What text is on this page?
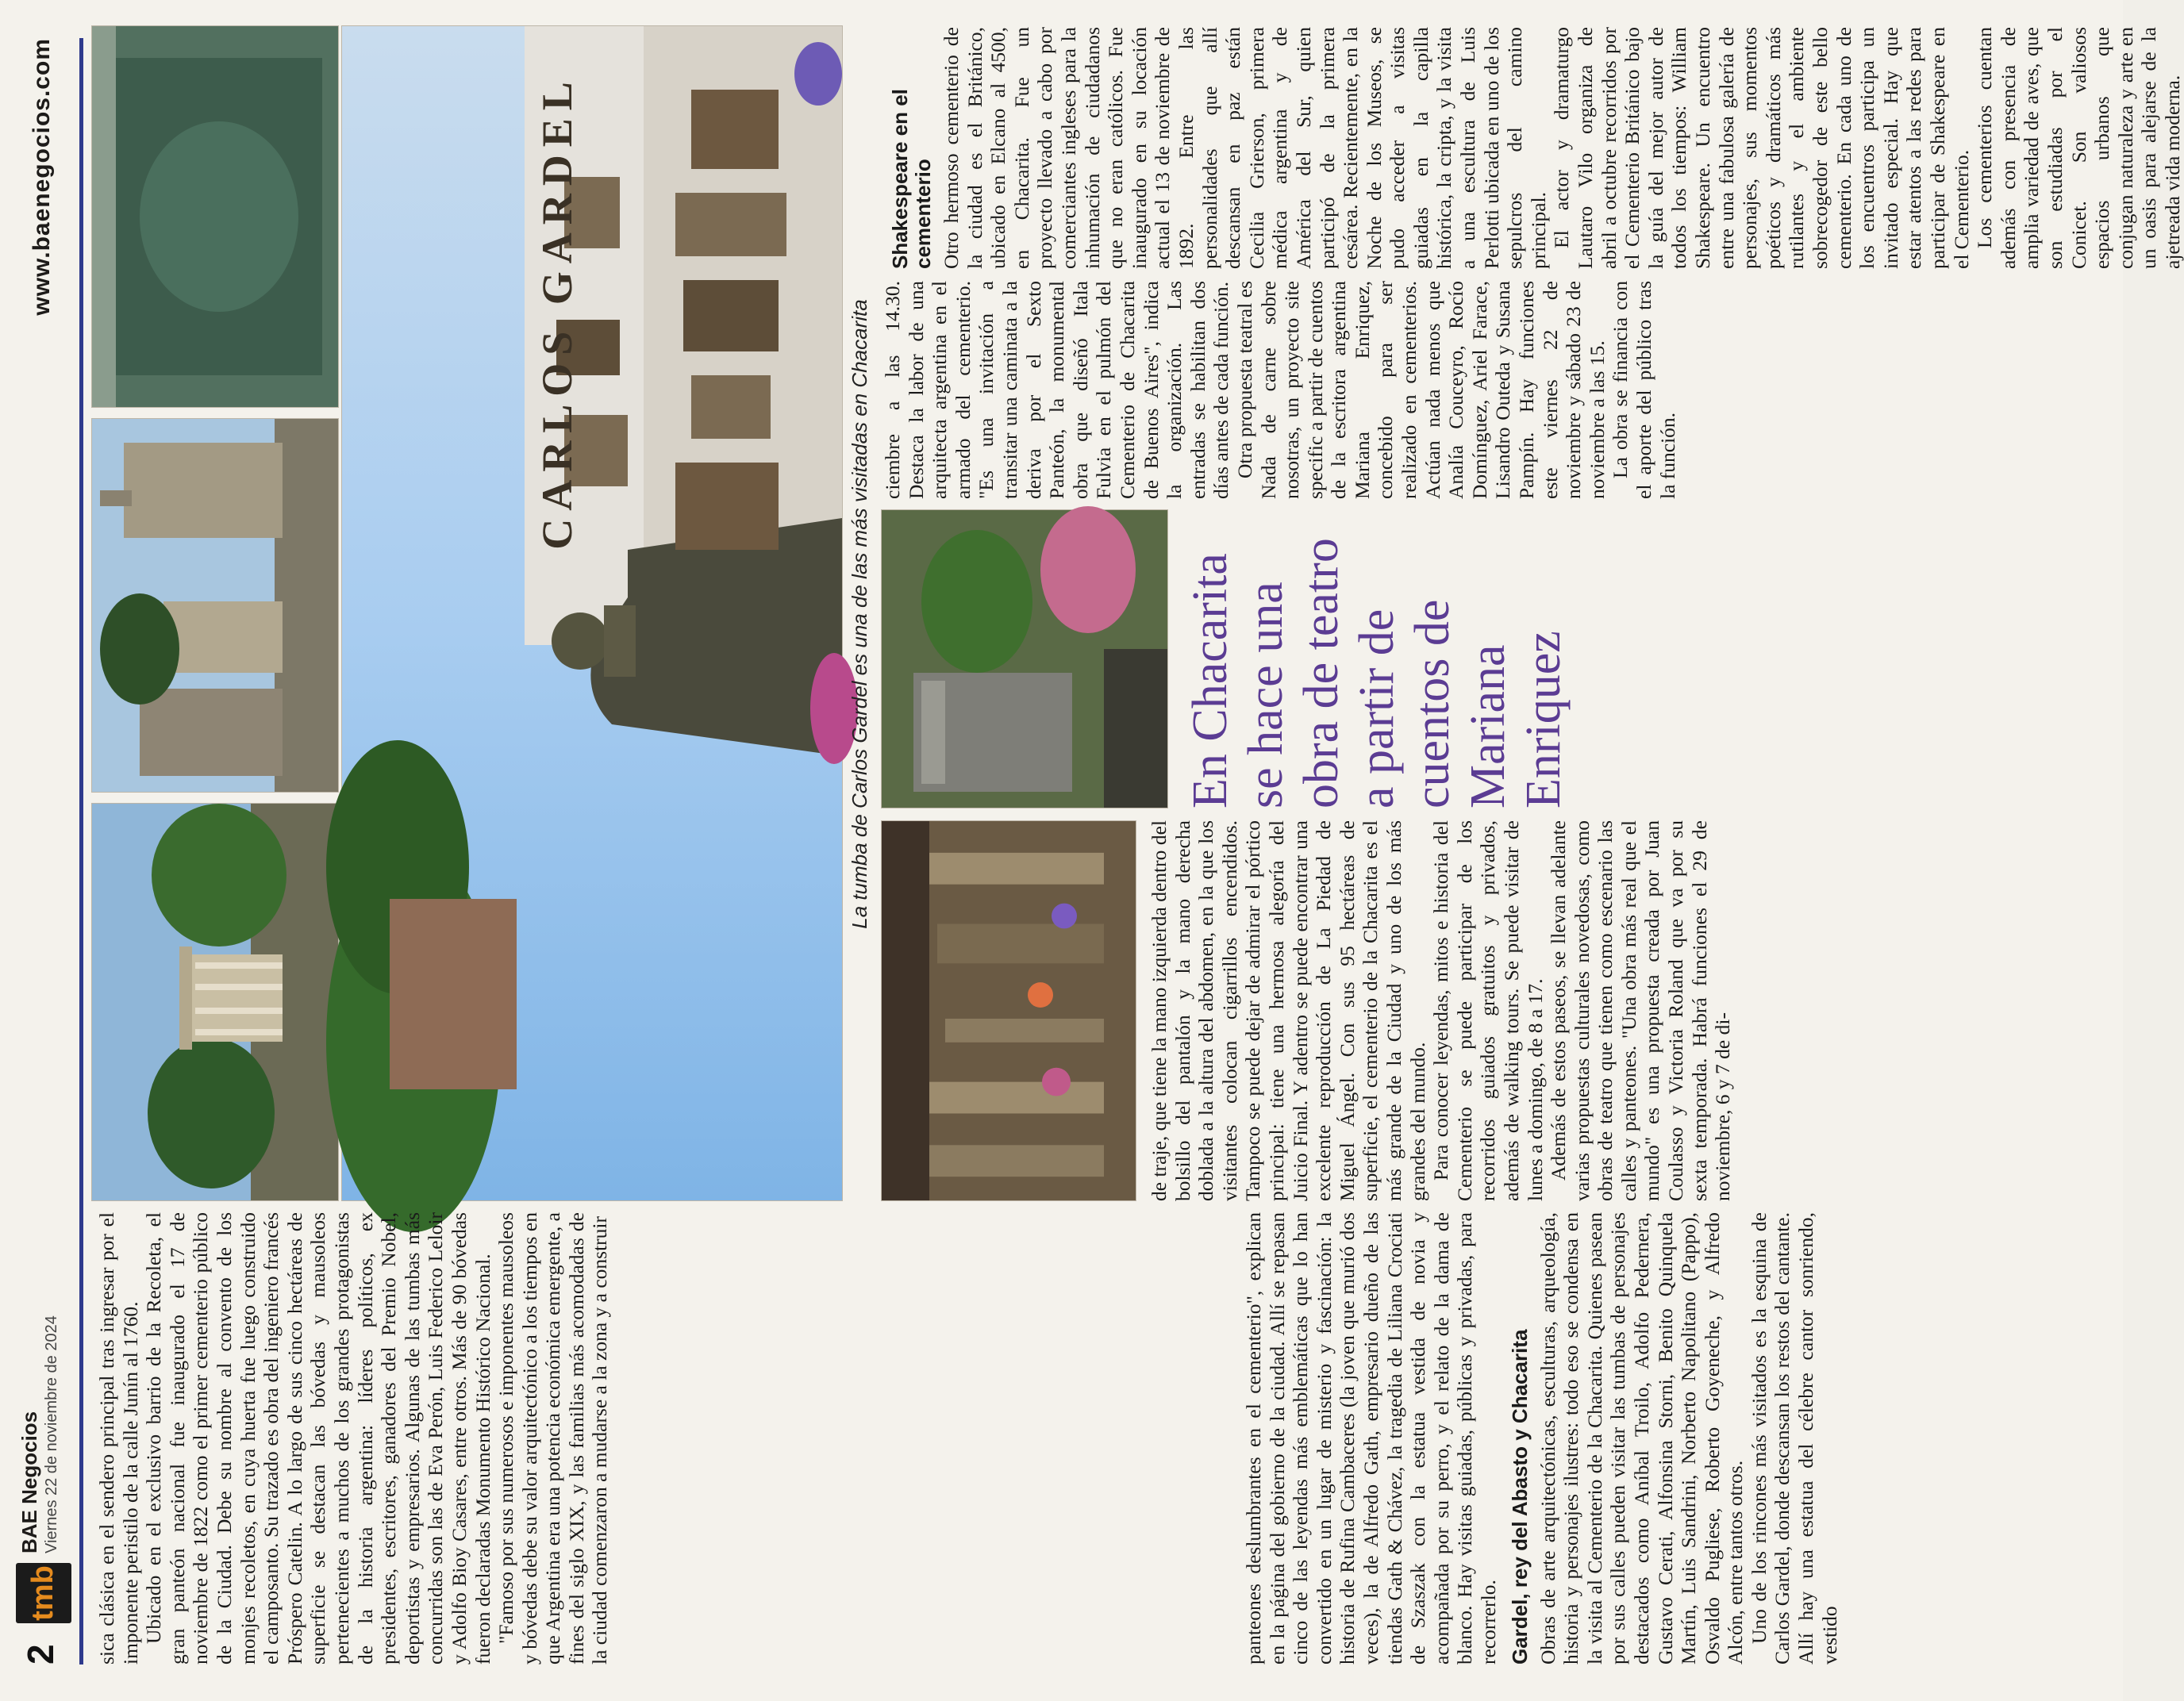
2
tmb
BAE Negocios Viernes 22 de noviembre de 2024
www.baenegocios.com	CARLOS GARDEL	La tumba de Carlos Gardel es una de las más visitadas en Chacarita

sica clásica en el sendero principal tras ingresar por el imponente peristilo de la calle Junín al 1760. Ubicado en el exclusivo barrio de la Recoleta, el gran panteón nacional fue inaugurado el 17 de noviembre de 1822 como el primer cementerio público de la Ciudad. Debe su nombre al convento de los monjes recoletos, en cuya huerta fue luego construido el camposanto. Su trazado es obra del ingeniero francés Próspero Catelin. A lo largo de sus cinco hectáreas de superficie se destacan las bóvedas y mausoleos pertenecientes a muchos de los grandes protagonistas de la historia argentina: líderes políticos, ex presidentes, escritores, ganadores del Premio Nobel, deportistas y empresarios. Algunas de las tumbas más concurridas son las de Eva Perón, Luis Federico Leloir y Adolfo Bioy Casares, entre otros. Más de 90 bóvedas fueron declaradas Monumento Histórico Nacional. "Famoso por sus numerosos e imponentes mausoleos y bóvedas debe su valor arquitectónico a los tiempos en que Argentina era una potencia económica emergente, a fines del siglo XIX, y las familias más acomodadas de la ciudad comenzaron a mudarse a la zona y a construir	panteones deslumbrantes en el cementerio", explican en la página del gobierno de la ciudad. Allí se repasan cinco de las leyendas más emblemáticas que lo han convertido en un lugar de misterio y fascinación: la historia de Rufina Cambaceres (la joven que murió dos veces), la de Alfredo Gath, empresario dueño de las tiendas Gath & Chávez, la tragedia de Liliana Crociati de Szaszak con la estatua vestida de novia y acompañada por su perro, y el relato de la dama de blanco. Hay visitas guiadas, públicas y privadas, para recorrerlo. Gardel, rey del Abasto y Chacarita Obras de arte arquitectónicas, esculturas, arqueología, historia y personajes ilustres: todo eso se condensa en la visita al Cementerio de la Chacarita. Quienes pasean por sus calles pueden visitar las tumbas de personajes destacados como Aníbal Troilo, Adolfo Pedernera, Gustavo Cerati, Alfonsina Storni, Benito Quinquela Martín, Luis Sandrini, Norberto Napolitano (Pappo), Osvaldo Pugliese, Roberto Goyeneche, y Alfredo Alcón, entre tantos otros. Uno de los rincones más visitados es la esquina de Carlos Gardel, donde descansan los restos del cantante. Allí hay una estatua del célebre cantor sonriendo, vestido

de traje, que tiene la mano izquierda dentro del bolsillo del pantalón y la mano derecha doblada a la altura del abdomen, en la que los visitantes colocan cigarrillos encendidos. Tampoco se puede dejar de admirar el pórtico principal: tiene una hermosa alegoría del Juicio Final. Y adentro se puede encontrar una excelente reproducción de La Piedad de Miguel Ángel. Con sus 95 hectáreas de superficie, el cementerio de la Chacarita es el más grande de la Ciudad y uno de los más grandes del mundo. Para conocer leyendas, mitos e historia del Cementerio se puede participar de los recorridos guiados gratuitos y privados, además de walking tours. Se puede visitar de lunes a domingo, de 8 a 17. Además de estos paseos, se llevan adelante varias propuestas culturales novedosas, como obras de teatro que tienen como escenario las calles y panteones. "Una obra más real que el mundo" es una propuesta creada por Juan Coulasso y Victoria Roland que va por su sexta temporada. Habrá funciones el 29 de noviembre, 6 y 7 de di-

En Chacarita se hace una obra de teatro a partir de cuentos de Mariana Enriquez

ciembre a las 14.30. Destaca la labor de una arquitecta argentina en el armado del cementerio. "Es una invitación a transitar una caminata a la deriva por el Sexto Panteón, la monumental obra que diseñó Itala Fulvia en el pulmón del Cementerio de Chacarita de Buenos Aires", indica la organización. Las entradas se habilitan dos días antes de cada función. Otra propuesta teatral es Nada de carne sobre nosotras, un proyecto site specific a partir de cuentos de la escritora argentina Mariana Enriquez, concebido para ser realizado en cementerios. Actúan nada menos que Analía Couceyro, Rocío Domínguez, Ariel Farace, Lisandro Outeda y Susana Pampín. Hay funciones este viernes 22 de noviembre y sábado 23 de noviembre a las 15. La obra se financia con el aporte del público tras la función.

Shakespeare en el cementerio Otro hermoso cementerio de la ciudad es el Británico, ubicado en Elcano al 4500, en Chacarita. Fue un proyecto llevado a cabo por comerciantes ingleses para la inhumación de ciudadanos que no eran católicos. Fue inaugurado en su locación actual el 13 de noviembre de 1892. Entre las personalidades que allí descansan en paz están Cecilia Grierson, primera médica argentina y de América del Sur, quien participó de la primera cesárea. Recientemente, en la Noche de los Museos, se pudo acceder a visitas guiadas en la capilla histórica, la cripta, y la visita a una escultura de Luis Perlotti ubicada en uno de los sepulcros del camino principal. El actor y dramaturgo Lautaro Vilo organiza de abril a octubre recorridos por el Cementerio Británico bajo la guía del mejor autor de todos los tiempos: William Shakespeare. Un encuentro entre una fabulosa galería de personajes, sus momentos poéticos y dramáticos más rutilantes y el ambiente sobrecogedor de este bello cementerio. En cada uno de los encuentros participa un invitado especial. Hay que estar atentos a las redes para participar de Shakespeare en el Cementerio. Los cementerios cuentan además con presencia de amplia variedad de aves, que son estudiadas por el Conicet. Son valiosos espacios urbanos que conjugan naturaleza y arte en un oasis para alejarse de la ajetreada vida moderna.
